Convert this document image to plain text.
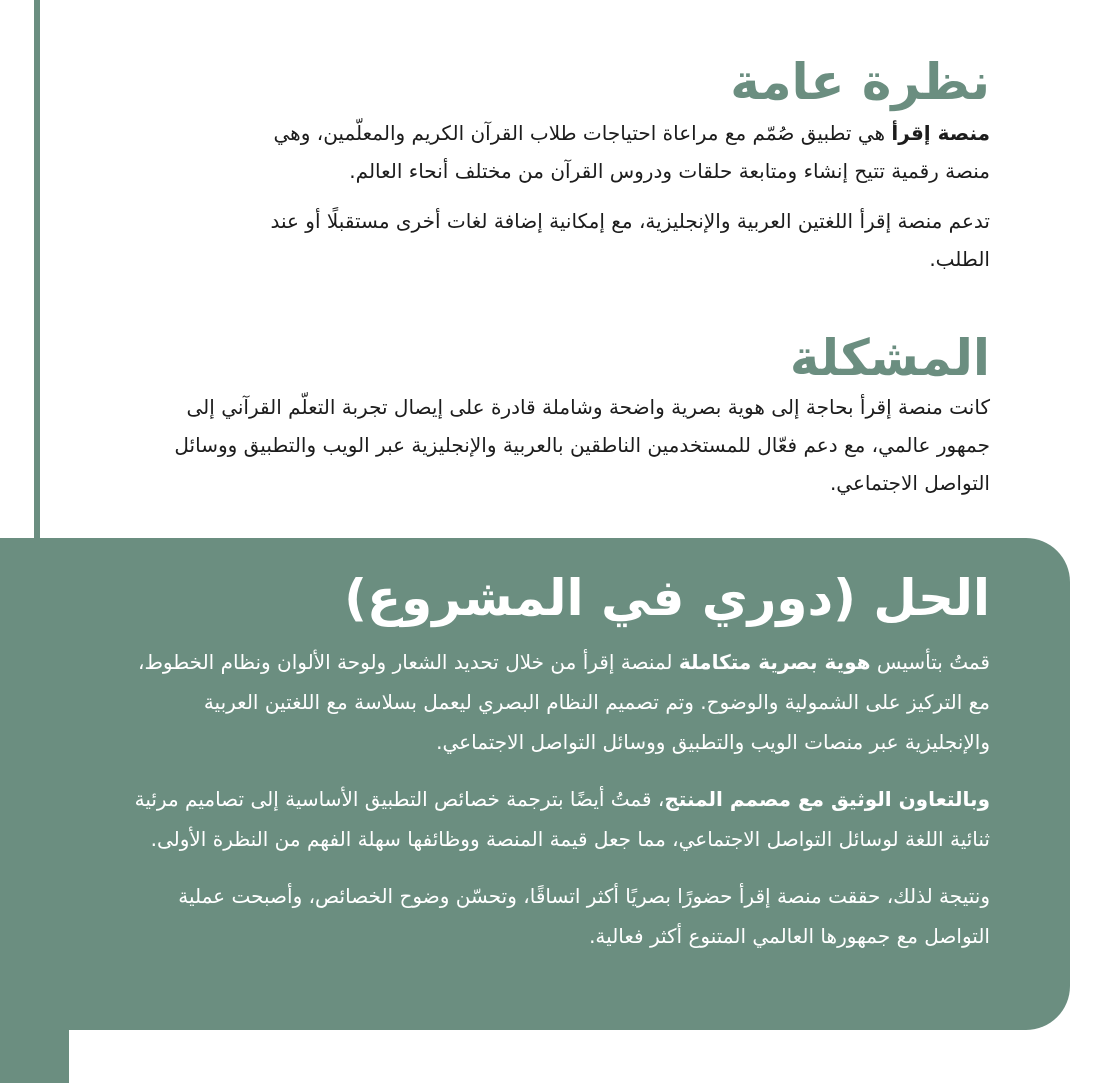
نظرة عامة

منصة إقرأ هي تطبيق صُمّم مع مراعاة احتياجات طلاب القرآن الكريم والمعلّمين، وهي منصة رقمية تتيح إنشاء ومتابعة حلقات ودروس القرآن من مختلف أنحاء العالم.

تدعم منصة إقرأ اللغتين العربية والإنجليزية، مع إمكانية إضافة لغات أخرى مستقبلًا أو عند الطلب.

المشكلة

كانت منصة إقرأ بحاجة إلى هوية بصرية واضحة وشاملة قادرة على إيصال تجربة التعلّم القرآني إلى جمهور عالمي، مع دعم فعّال للمستخدمين الناطقين بالعربية والإنجليزية عبر الويب والتطبيق ووسائل التواصل الاجتماعي.

الحل (دوري في المشروع)

قمتُ بتأسيس هوية بصرية متكاملة لمنصة إقرأ من خلال تحديد الشعار ولوحة الألوان ونظام الخطوط، مع التركيز على الشمولية والوضوح. وتم تصميم النظام البصري ليعمل بسلاسة مع اللغتين العربية والإنجليزية عبر منصات الويب والتطبيق ووسائل التواصل الاجتماعي.

وبالتعاون الوثيق مع مصمم المنتج، قمتُ أيضًا بترجمة خصائص التطبيق الأساسية إلى تصاميم مرئية ثنائية اللغة لوسائل التواصل الاجتماعي، مما جعل قيمة المنصة ووظائفها سهلة الفهم من النظرة الأولى.

ونتيجة لذلك، حققت منصة إقرأ حضورًا بصريًا أكثر اتساقًا، وتحسّن وضوح الخصائص، وأصبحت عملية التواصل مع جمهورها العالمي المتنوع أكثر فعالية.
